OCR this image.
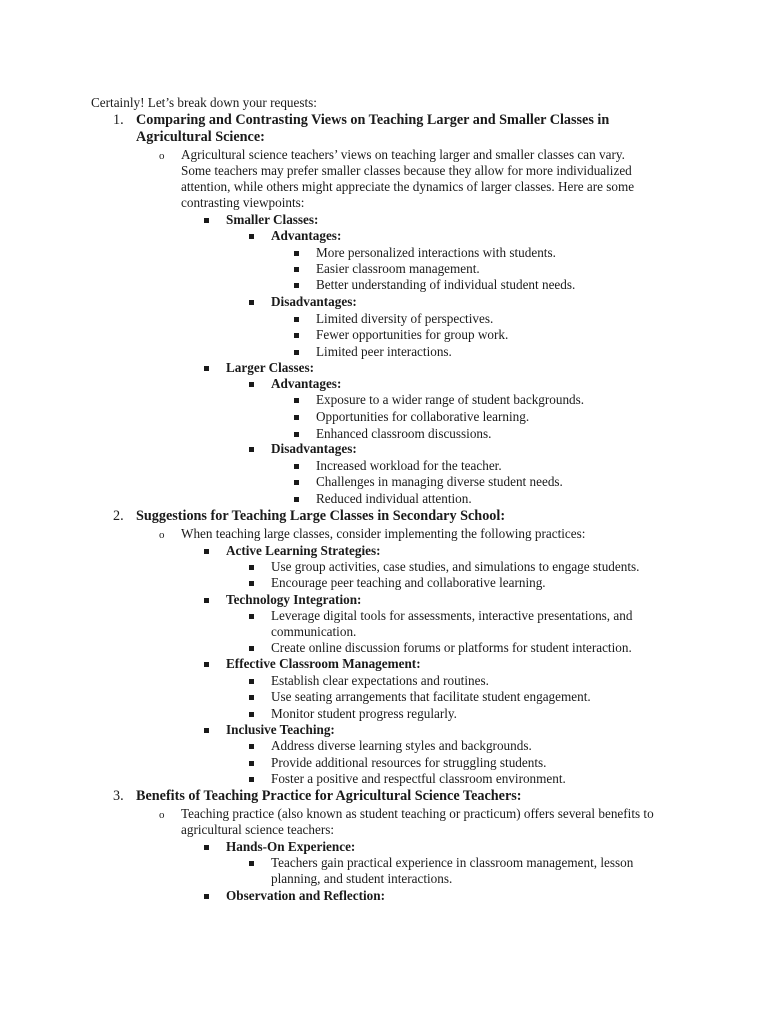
Certainly! Let’s break down your requests:
1. Comparing and Contrasting Views on Teaching Larger and Smaller Classes in
Agricultural Science:
o Agricultural science teachers’ views on teaching larger and smaller classes can vary.
Some teachers may prefer smaller classes because they allow for more individualized
attention, while others might appreciate the dynamics of larger classes. Here are some
contrasting viewpoints:
Smaller Classes:
Advantages:
More personalized interactions with students.
Easier classroom management.
Better understanding of individual student needs.
Disadvantages:
Limited diversity of perspectives.
Fewer opportunities for group work.
Limited peer interactions.
Larger Classes:
Advantages:
Exposure to a wider range of student backgrounds.
Opportunities for collaborative learning.
Enhanced classroom discussions.
Disadvantages:
Increased workload for the teacher.
Challenges in managing diverse student needs.
Reduced individual attention.
2. Suggestions for Teaching Large Classes in Secondary School:
o When teaching large classes, consider implementing the following practices:
Active Learning Strategies:
Use group activities, case studies, and simulations to engage students.
Encourage peer teaching and collaborative learning.
Technology Integration:
Leverage digital tools for assessments, interactive presentations, and
communication.
Create online discussion forums or platforms for student interaction.
Effective Classroom Management:
Establish clear expectations and routines.
Use seating arrangements that facilitate student engagement.
Monitor student progress regularly.
Inclusive Teaching:
Address diverse learning styles and backgrounds.
Provide additional resources for struggling students.
Foster a positive and respectful classroom environment.
3. Benefits of Teaching Practice for Agricultural Science Teachers:
o Teaching practice (also known as student teaching or practicum) offers several benefits to
agricultural science teachers:
Hands-On Experience:
Teachers gain practical experience in classroom management, lesson
planning, and student interactions.
Observation and Reflection:
